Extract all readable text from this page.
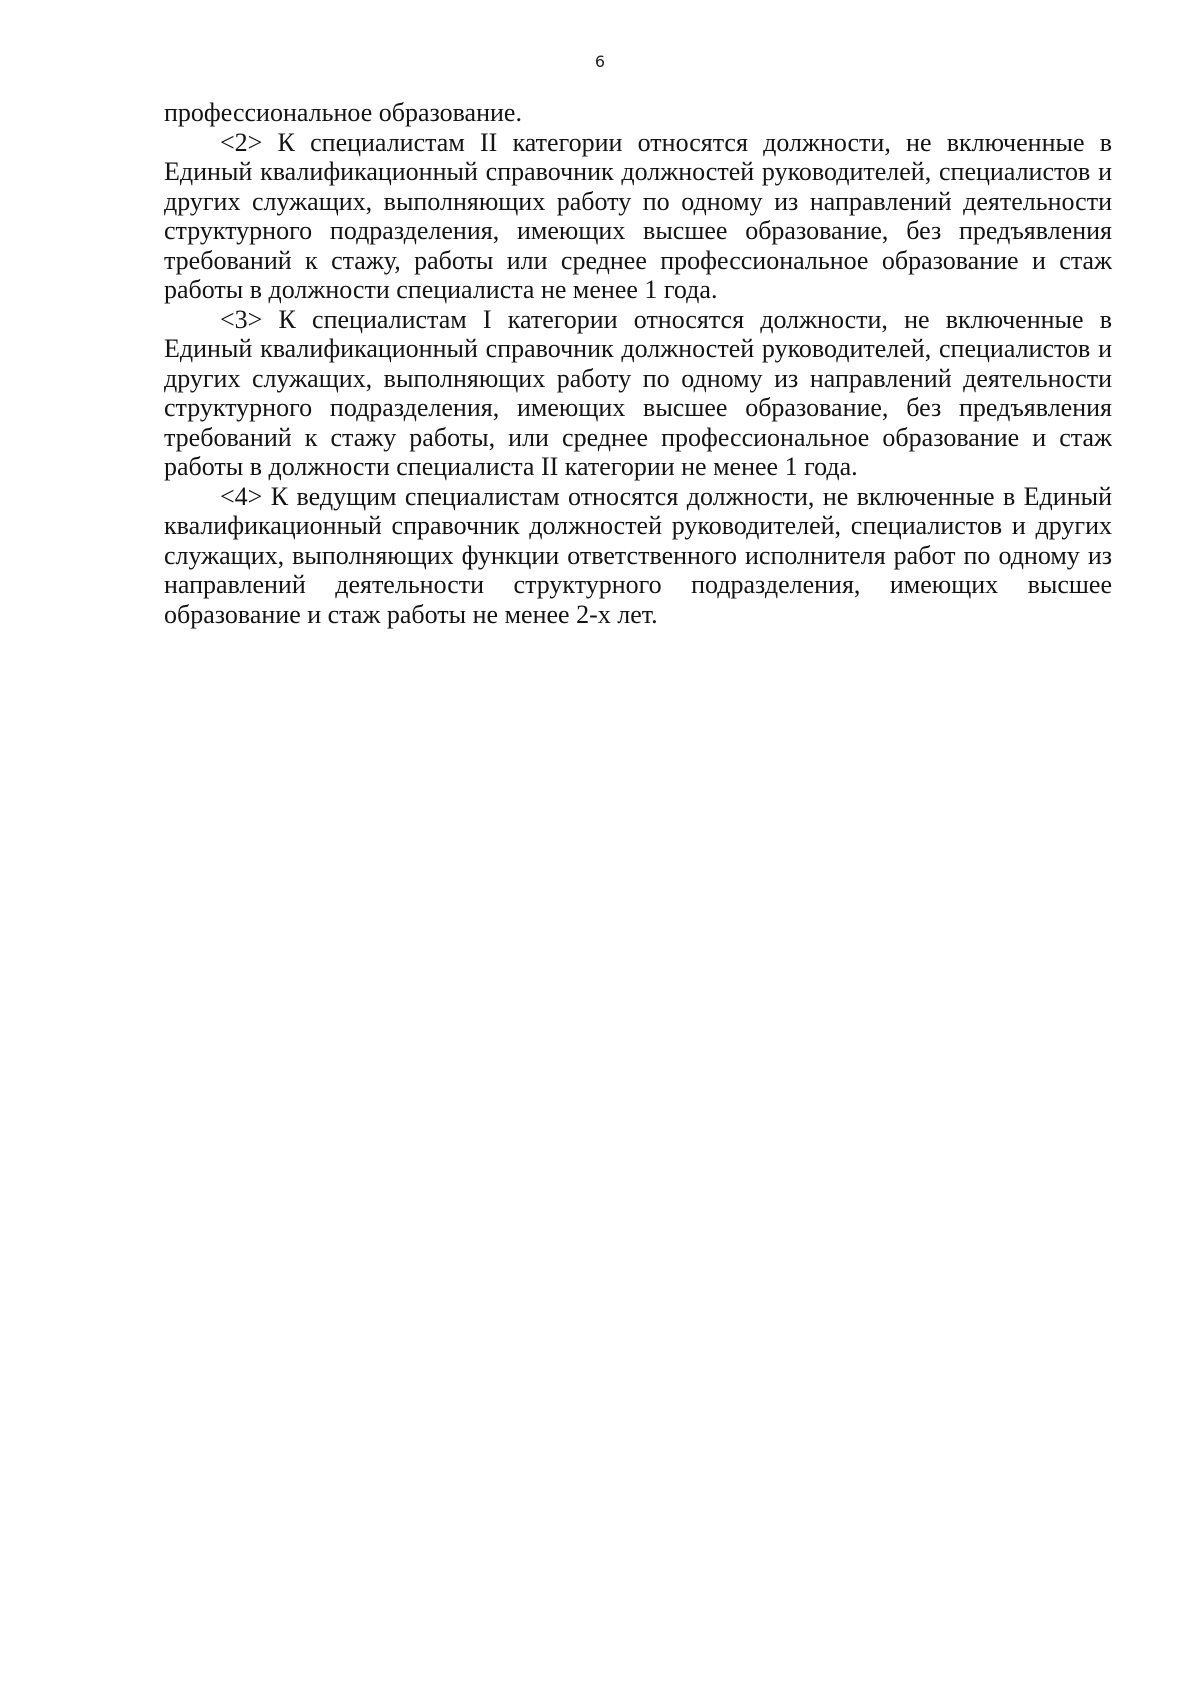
6

профессиональное образование.

<2> К специалистам II категории относятся должности, не включенные в Единый квалификационный справочник должностей руководителей, специалистов и других служащих, выполняющих работу по одному из направлений деятельности структурного подразделения, имеющих высшее образование, без предъявления требований к стажу, работы или среднее профессиональное образование и стаж работы в должности специалиста не менее 1 года.

<3> К специалистам I категории относятся должности, не включенные в Единый квалификационный справочник должностей руководителей, специалистов и других служащих, выполняющих работу по одному из направлений деятельности структурного подразделения, имеющих высшее образование, без предъявления требований к стажу работы, или среднее профессиональное образование и стаж работы в должности специалиста II категории не менее 1 года.

<4> К ведущим специалистам относятся должности, не включенные в Единый квалификационный справочник должностей руководителей, специалистов и других служащих, выполняющих функции ответственного исполнителя работ по одному из направлений деятельности структурного подразделения, имеющих высшее образование и стаж работы не менее 2-х лет.
